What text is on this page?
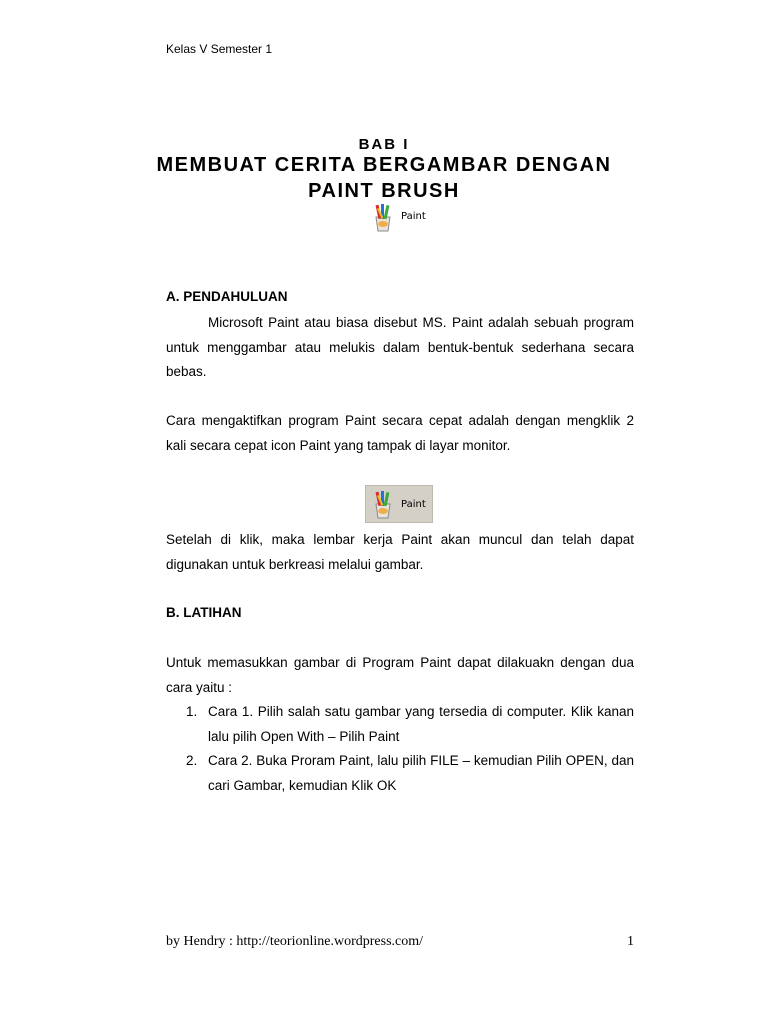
Kelas V Semester 1
BAB I
MEMBUAT CERITA BERGAMBAR DENGAN
PAINT BRUSH
Paint
A. PENDAHULUAN

Microsoft Paint atau biasa disebut MS. Paint adalah sebuah program untuk menggambar atau melukis dalam bentuk-bentuk sederhana secara bebas.

Cara mengaktifkan program Paint secara cepat adalah dengan mengklik 2 kali secara cepat icon Paint yang tampak di layar monitor.

Paint

Setelah di klik, maka lembar kerja Paint akan muncul dan telah dapat digunakan untuk berkreasi melalui gambar.

B. LATIHAN

Untuk memasukkan gambar di Program Paint dapat dilakuakn dengan dua cara yaitu :

1. Cara 1. Pilih salah satu gambar yang tersedia di computer. Klik kanan lalu pilih Open With – Pilih Paint
2. Cara 2. Buka Proram Paint, lalu pilih FILE – kemudian Pilih OPEN, dan cari Gambar, kemudian Klik OK
by Hendry : http://teorionline.wordpress.com/	1
